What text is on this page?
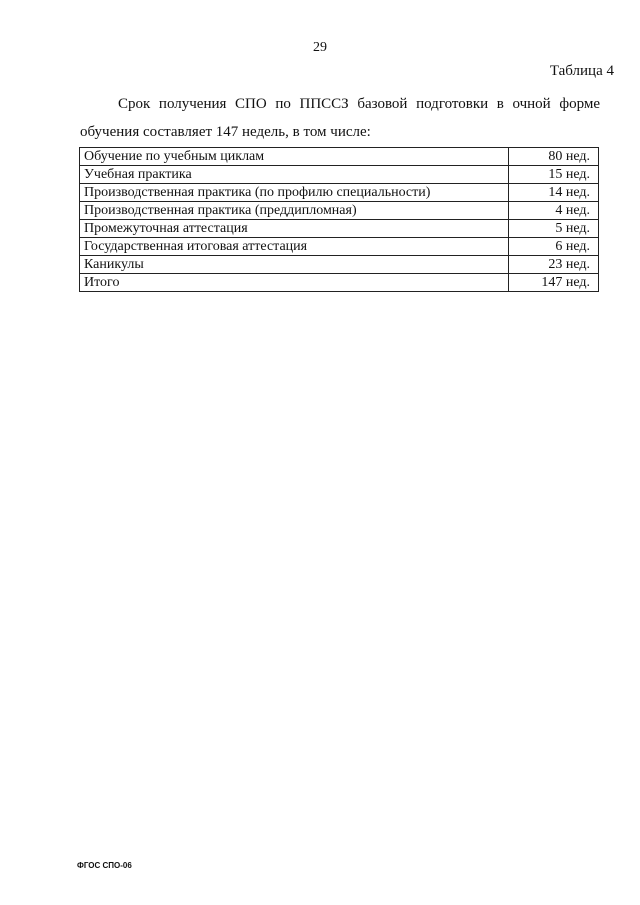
29
Таблица 4
Срок получения СПО по ППССЗ базовой подготовки в очной форме обучения составляет 147 недель, в том числе:
Обучение по учебным циклам	80 нед.
Учебная практика	15 нед.
Производственная практика (по профилю специальности)	14 нед.
Производственная практика (преддипломная)	4 нед.
Промежуточная аттестация	5 нед.
Государственная итоговая аттестация	6 нед.
Каникулы	23 нед.
Итого	147 нед.
ФГОС СПО-06
